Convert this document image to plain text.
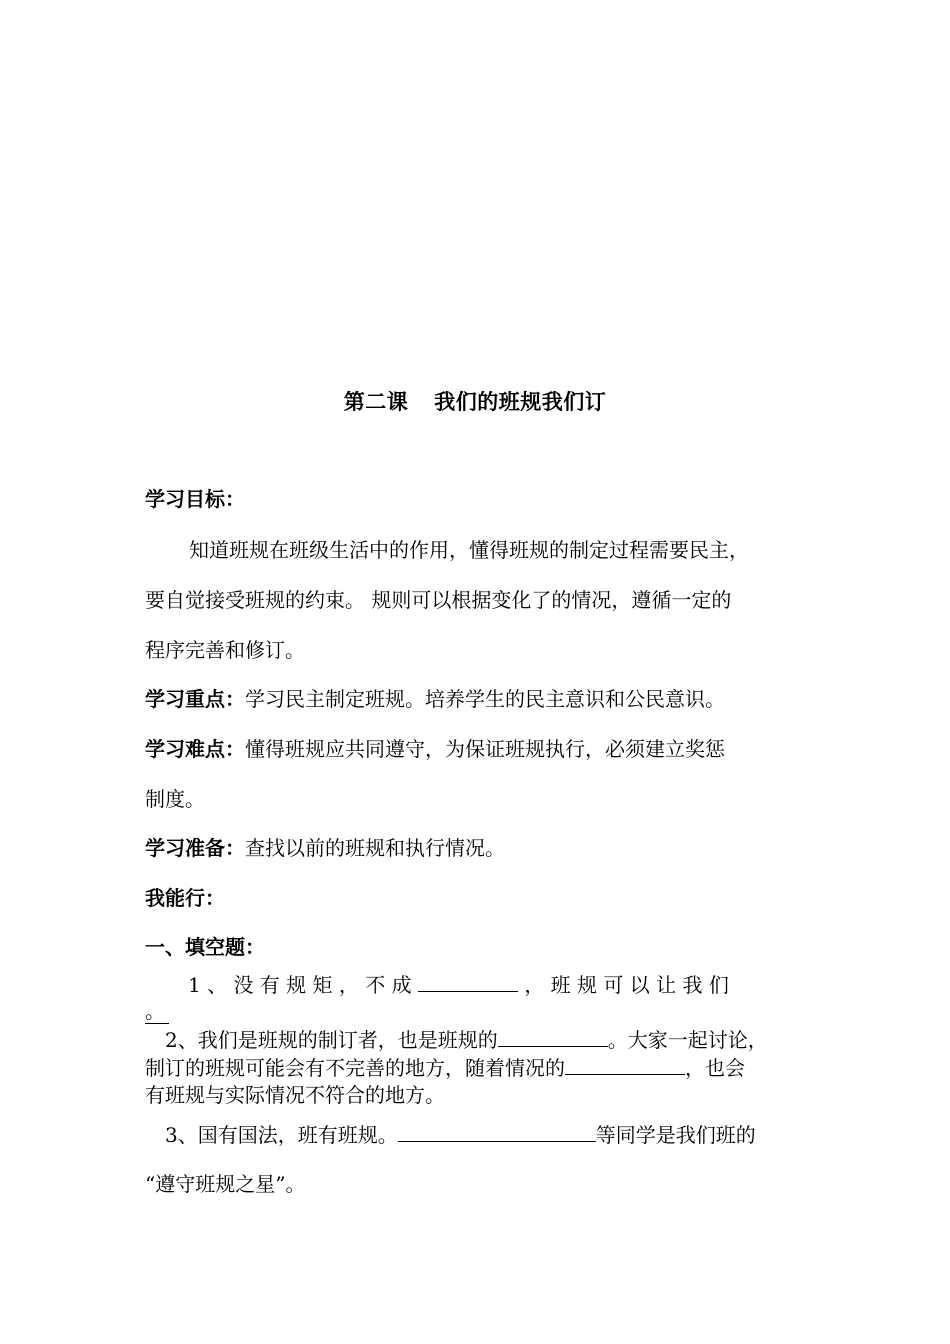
第二课 我们的班规我们订
学习目标：
知道班规在班级生活中的作用，懂得班规的制定过程需要民主，
要自觉接受班规的约束。 规则可以根据变化了的情况，遵循一定的
程序完善和修订。
学习重点：学习民主制定班规。培养学生的民主意识和公民意识。
学习难点：懂得班规应共同遵守，为保证班规执行，必须建立奖惩
制度。
学习准备：查找以前的班规和执行情况。
我能行：
一、填空题：
1 、 没 有 规 矩 ， 不 成	， 班 规 可 以 让 我 们
。
2、我们是班规的制订者，也是班规的	。大家一起讨论，
制订的班规可能会有不完善的地方，随着情况的	，也会
有班规与实际情况不符合的地方。
3、国有国法，班有班规。	等同学是我们班的
“遵守班规之星”。
